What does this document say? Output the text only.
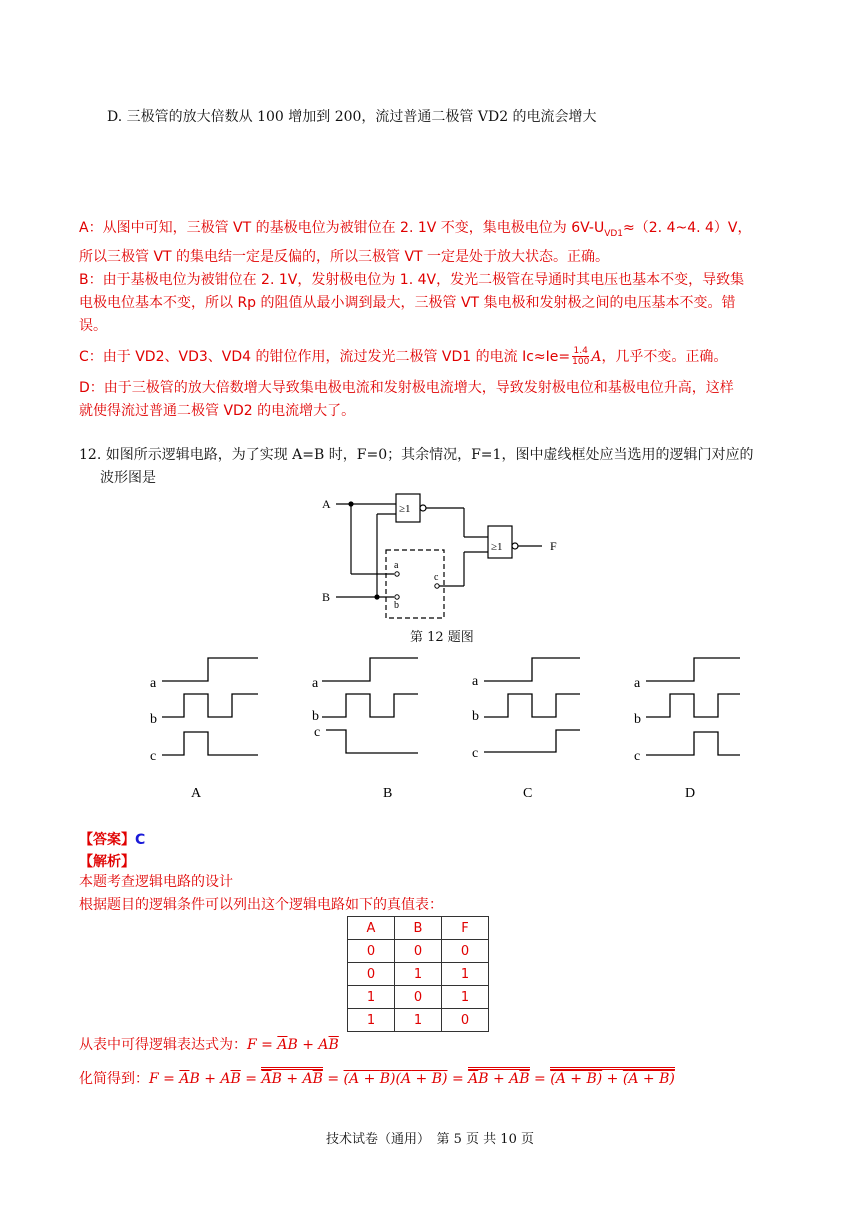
D. 三极管的放大倍数从 100 增加到 200，流过普通二极管 VD2 的电流会增大

A：从图中可知，三极管 VT 的基极电位为被钳位在 2. 1V 不变，集电极电位为 $6V-U_{VD1}\approx(2$. 4~4. 4）V，

所以三极管 VT 的集电结一定是反偏的，所以三极管 VT 一定是处于放大状态。正确。

B：由于基极电位为被钳位在 2. 1V，发射极电位为 1. 4V，发光二极管在导通时其电压也基本不变，导致集

电极电位基本不变，所以 Rp 的阻值从最小调到最大，三极管 VT 集电极和发射极之间的电压基本不变。错

误。

C：由于 VD2、VD3、VD4 的钳位作用，流过发光二极管 VD1 的电流 $Ic\approx Ie= \frac{1.4}{100}$ A，几乎不变。正确。

D：由于三极管的放大倍数增大导致集电极电流和发射极电流增大，导致发射极电位和基极电位升高，这样

就使得流过普通二极管 VD2 的电流增大了。

12. 如图所示逻辑电路，为了实现 A=B 时，F=0；其余情况，F=1，图中虚线框处应当选用的逻辑门对应的
波形图是
A
B
F
≥1
≥1
a
b
c
第 12 题图
a
b
c
a
b
c
a
b
c
a
b
c
A	B	C	D
【答案】C
【解析】
本题考查逻辑电路的设计
根据题目的逻辑条件可以列出这个逻辑电路如下的真值表：
A	B	F
0	0	0
0	1	1
1	0	1
1	1	0
从表中可得逻辑表达式为：$F = \overline{A}B + A\overline{B}$
化简得到：$F = \overline{A}B + A\overline{B} = \overline{A}B + A\overline{B} = (A + B)(A + B) = \overline{A}B + A\overline{B} = (A + B) + (A + B)$
技术试卷（通用）　第 5 页 共 10 页
